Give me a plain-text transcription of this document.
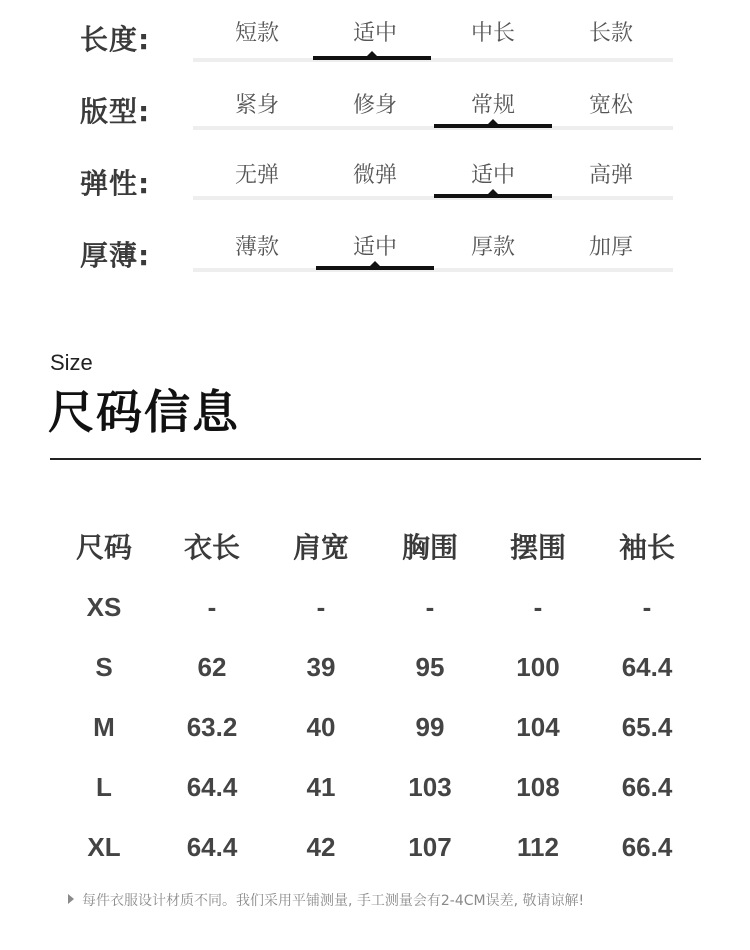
长度:	短款	适中	中长	长款
版型:	紧身	修身	常规	宽松
弹性:	无弹	微弹	适中	高弹
厚薄:	薄款	适中	厚款	加厚
Size
尺码信息
尺码	衣长	肩宽	胸围	摆围	袖长
XS	-	-	-	-	-
S	62	39	95	100	64.4
M	63.2	40	99	104	65.4
L	64.4	41	103	108	66.4
XL	64.4	42	107	112	66.4
每件衣服设计材质不同。我们采用平铺测量, 手工测量会有2-4CM误差, 敬请谅解!
